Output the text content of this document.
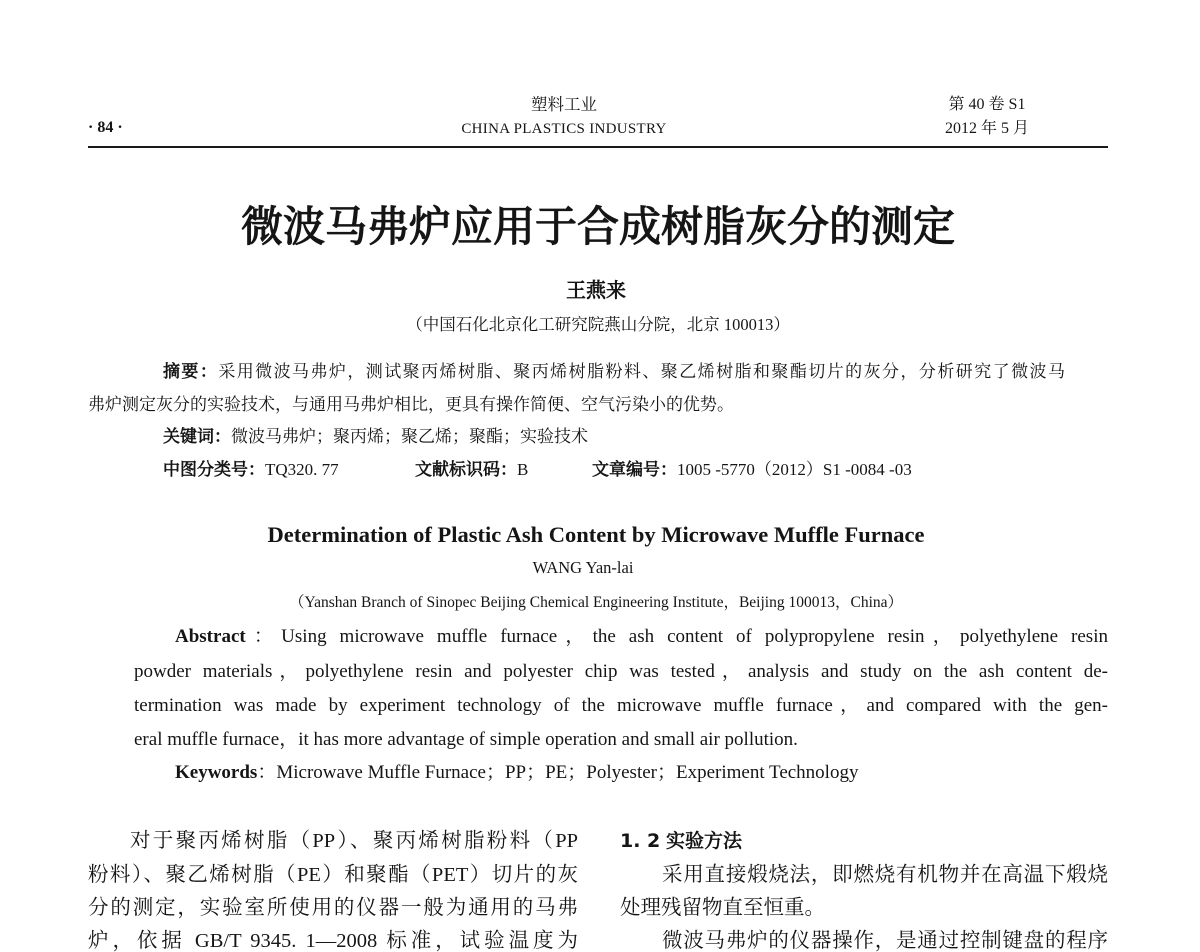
· 84 ·
塑料工业
CHINA PLASTICS INDUSTRY
第 40 卷 S1
2012 年 5 月
微波马弗炉应用于合成树脂灰分的测定
王燕来
（中国石化北京化工研究院燕山分院，北京 100013）
摘要：采用微波马弗炉，测试聚丙烯树脂、聚丙烯树脂粉料、聚乙烯树脂和聚酯切片的灰分，分析研究了微波马
弗炉测定灰分的实验技术，与通用马弗炉相比，更具有操作简便、空气污染小的优势。
关键词：微波马弗炉；聚丙烯；聚乙烯；聚酯；实验技术
中图分类号：TQ320. 77	文献标识码：B	文章编号：1005 -5770（2012）S1 -0084 -03
Determination of Plastic Ash Content by Microwave Muffle Furnace
WANG Yan-lai
（Yanshan Branch of Sinopec Beijing Chemical Engineering Institute，Beijing 100013，China）
Abstract：Using microwave muffle furnace，the ash content of polypropylene resin，polyethylene resin
powder materials，polyethylene resin and polyester chip was tested，analysis and study on the ash content de-
termination was made by experiment technology of the microwave muffle furnace，and compared with the gen-
eral muffle furnace，it has more advantage of simple operation and small air pollution.
Keywords：Microwave Muffle Furnace；PP；PE；Polyester；Experiment Technology
对于聚丙烯树脂（PP）、聚丙烯树脂粉料（PP
粉料）、聚乙烯树脂（PE）和聚酯（PET）切片的灰
分的测定，实验室所使用的仪器一般为通用的马弗
炉，依据 GB/T 9345. 1—2008 标准，试验温度为
1. 2 实验方法
采用直接煅烧法，即燃烧有机物并在高温下煅烧
处理残留物直至恒重。
微波马弗炉的仪器操作，是通过控制键盘的程序
